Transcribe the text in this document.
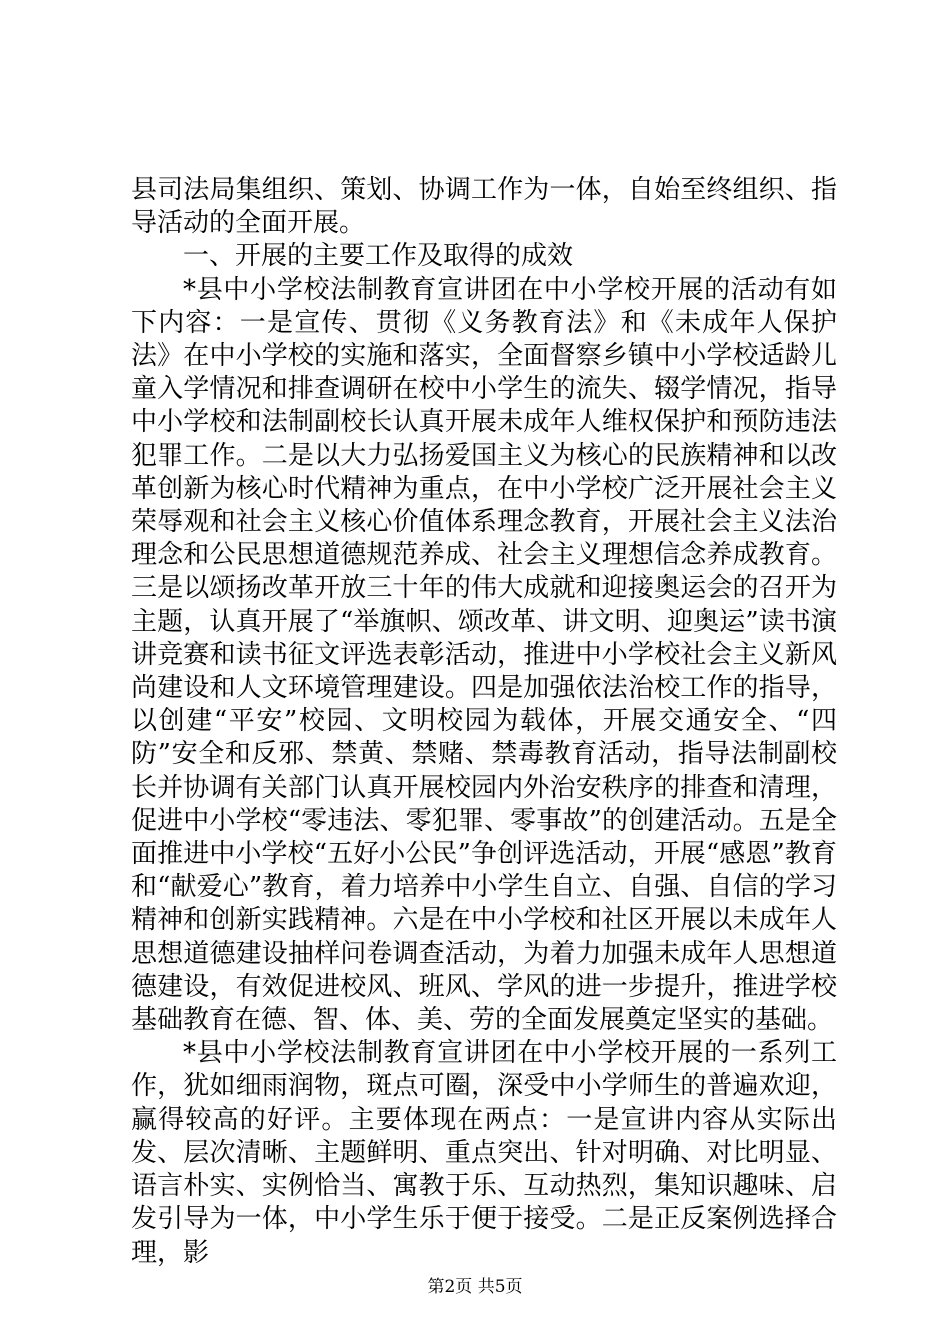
县司法局集组织、策划、协调工作为一体，自始至终组织、指导活动的全面开展。

一、开展的主要工作及取得的成效

*县中小学校法制教育宣讲团在中小学校开展的活动有如下内容：一是宣传、贯彻《义务教育法》和《未成年人保护法》在中小学校的实施和落实，全面督察乡镇中小学校适龄儿童入学情况和排查调研在校中小学生的流失、辍学情况，指导中小学校和法制副校长认真开展未成年人维权保护和预防违法犯罪工作。二是以大力弘扬爱国主义为核心的民族精神和以改革创新为核心时代精神为重点，在中小学校广泛开展社会主义荣辱观和社会主义核心价值体系理念教育，开展社会主义法治理念和公民思想道德规范养成、社会主义理想信念养成教育。三是以颂扬改革开放三十年的伟大成就和迎接奥运会的召开为主题，认真开展了“举旗帜、颂改革、讲文明、迎奥运”读书演讲竞赛和读书征文评选表彰活动，推进中小学校社会主义新风尚建设和人文环境管理建设。四是加强依法治校工作的指导，以创建“平安”校园、文明校园为载体，开展交通安全、“四防”安全和反邪、禁黄、禁赌、禁毒教育活动，指导法制副校长并协调有关部门认真开展校园内外治安秩序的排查和清理，促进中小学校“零违法、零犯罪、零事故”的创建活动。五是全面推进中小学校“五好小公民”争创评选活动，开展“感恩”教育和“献爱心”教育，着力培养中小学生自立、自强、自信的学习精神和创新实践精神。六是在中小学校和社区开展以未成年人思想道德建设抽样问卷调查活动，为着力加强未成年人思想道德建设，有效促进校风、班风、学风的进一步提升，推进学校基础教育在德、智、体、美、劳的全面发展奠定坚实的基础。

*县中小学校法制教育宣讲团在中小学校开展的一系列工作，犹如细雨润物，斑点可圈，深受中小学师生的普遍欢迎，赢得较高的好评。主要体现在两点：一是宣讲内容从实际出发、层次清晰、主题鲜明、重点突出、针对明确、对比明显、语言朴实、实例恰当、寓教于乐、互动热烈，集知识趣味、启发引导为一体，中小学生乐于便于接受。二是正反案例选择合理，影

第2页 共5页
